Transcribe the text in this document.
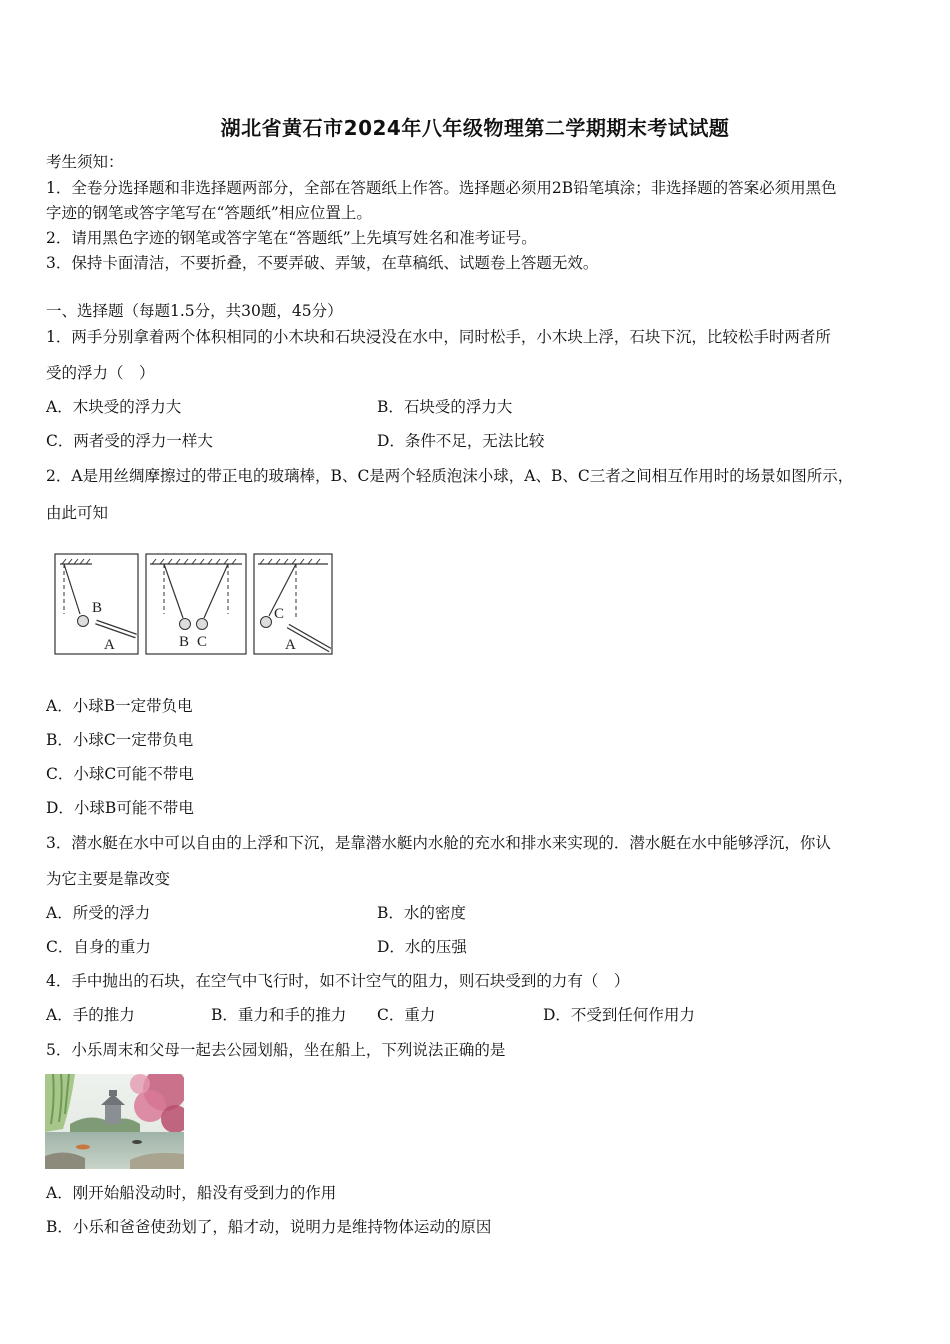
湖北省黄石市2024年八年级物理第二学期期末考试试题
考生须知：
1．全卷分选择题和非选择题两部分，全部在答题纸上作答。选择题必须用2B铅笔填涂；非选择题的答案必须用黑色
字迹的钢笔或答字笔写在“答题纸”相应位置上。
2．请用黑色字迹的钢笔或答字笔在“答题纸”上先填写姓名和准考证号。
3．保持卡面清洁，不要折叠，不要弄破、弄皱，在草稿纸、试题卷上答题无效。
一、选择题（每题1.5分，共30题，45分）
1．两手分别拿着两个体积相同的小木块和石块浸没在水中，同时松手，小木块上浮，石块下沉，比较松手时两者所
受的浮力（　）
A．木块受的浮力大	B．石块受的浮力大
C．两者受的浮力一样大	D．条件不足，无法比较
2．A是用丝绸摩擦过的带正电的玻璃棒，B、C是两个轻质泡沫小球，A、B、C三者之间相互作用时的场景如图所示，
由此可知
B
A	B C
C
A
A．小球B一定带负电
B．小球C一定带负电
C．小球C可能不带电
D．小球B可能不带电
3．潜水艇在水中可以自由的上浮和下沉，是靠潜水艇内水舱的充水和排水来实现的．潜水艇在水中能够浮沉，你认
为它主要是靠改变
A．所受的浮力	B．水的密度
C．自身的重力	D．水的压强
4．手中抛出的石块，在空气中飞行时，如不计空气的阻力，则石块受到的力有（　）
A．手的推力	B．重力和手的推力 C．重力	D．不受到任何作用力
5．小乐周末和父母一起去公园划船，坐在船上，下列说法正确的是
A．刚开始船没动时，船没有受到力的作用
B．小乐和爸爸使劲划了，船才动，说明力是维持物体运动的原因
